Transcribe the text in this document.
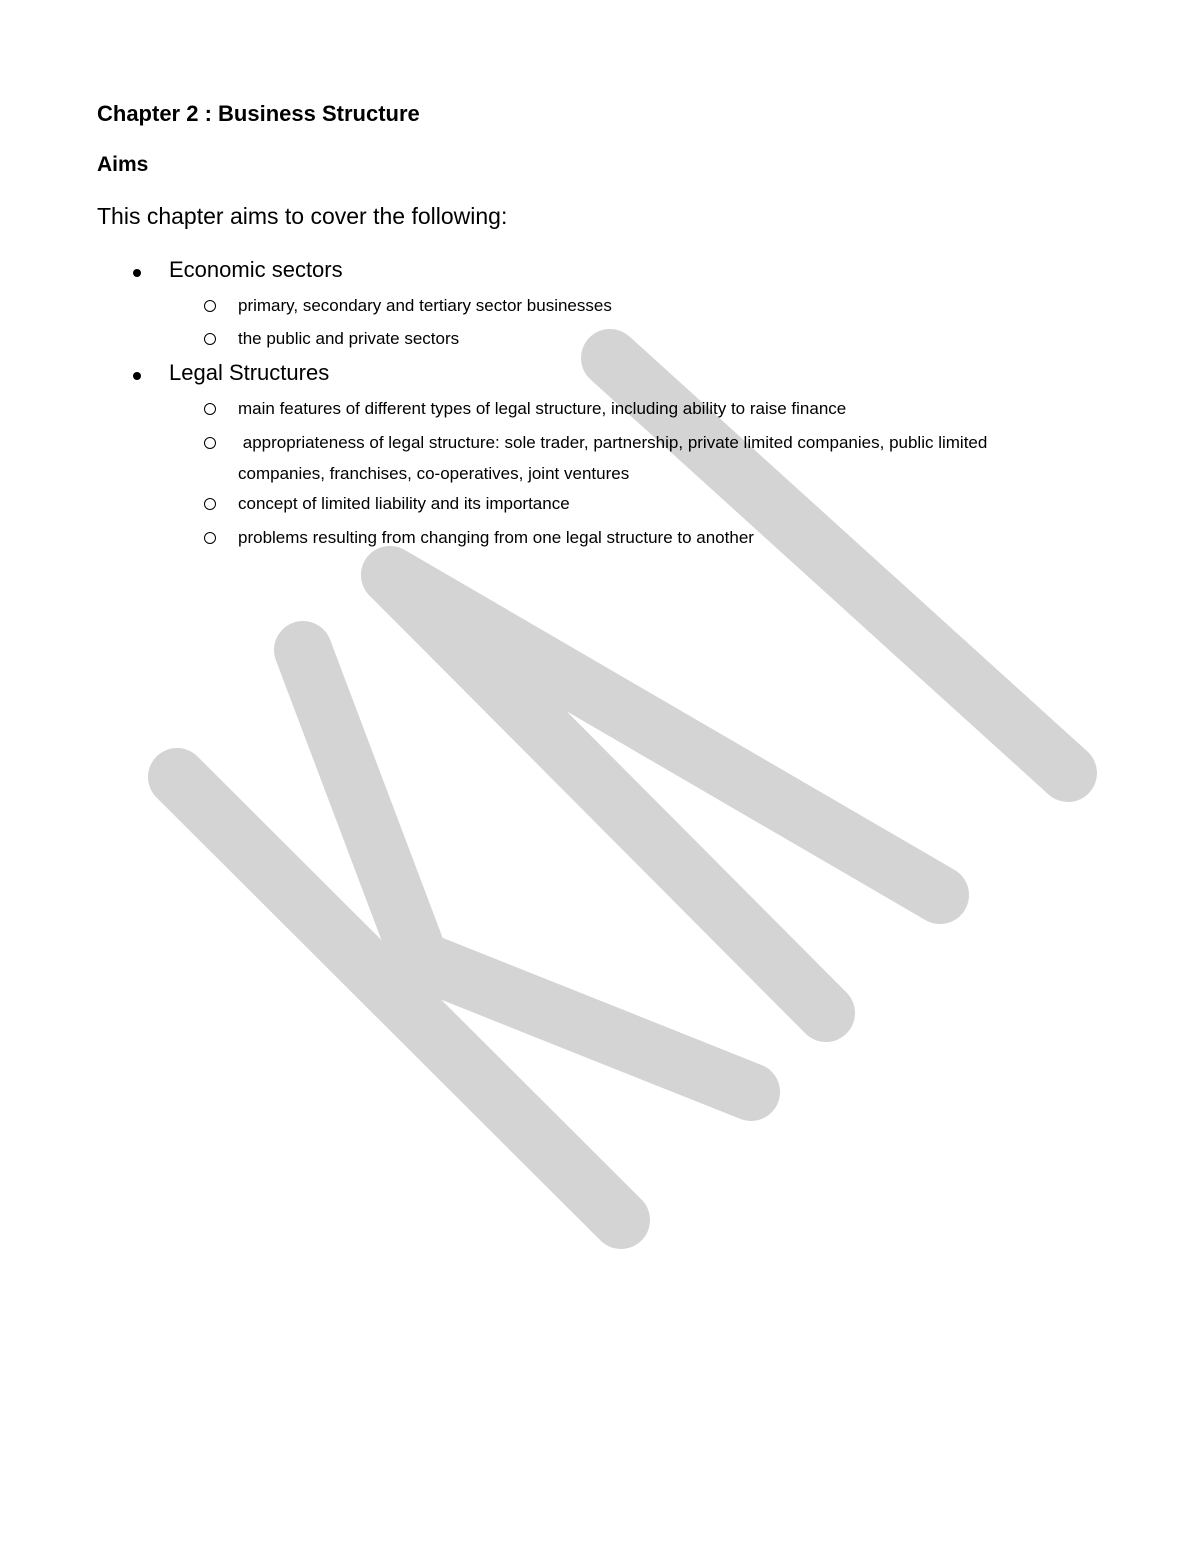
Chapter 2 : Business Structure
Aims

This chapter aims to cover the following:

Economic sectors
primary, secondary and tertiary sector businesses
the public and private sectors
Legal Structures
main features of different types of legal structure, including ability to raise finance
appropriateness of legal structure: sole trader, partnership, private limited companies, public limited companies, franchises, co-operatives, joint ventures
concept of limited liability and its importance
problems resulting from changing from one legal structure to another
